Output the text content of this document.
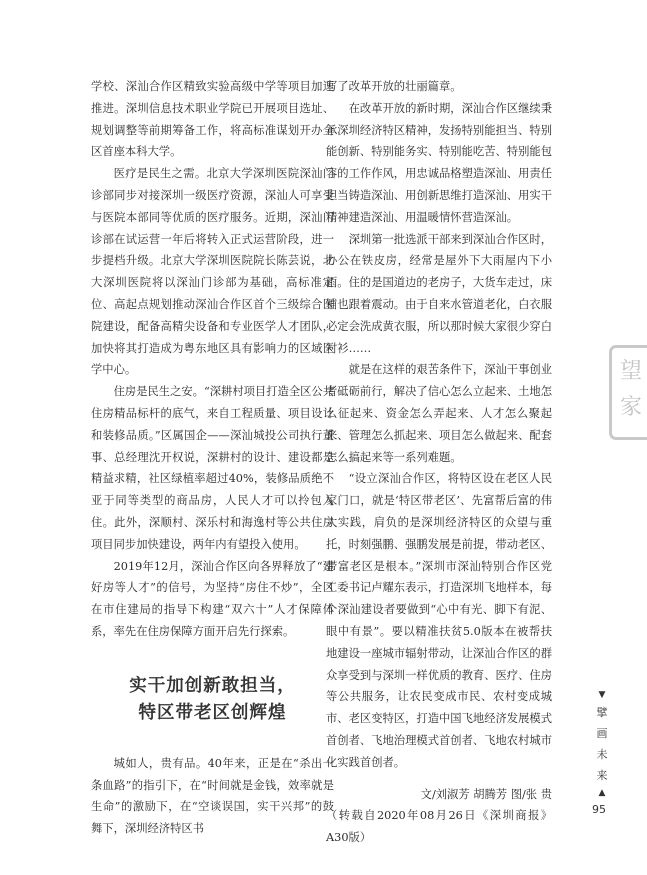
学校、深汕合作区精致实验高级中学等项目加速推进。深圳信息技术职业学院已开展项目选址、规划调整等前期筹备工作，将高标准谋划开办全区首座本科大学。

医疗是民生之需。北京大学深圳医院深汕门诊部同步对接深圳一级医疗资源，深汕人可享受与医院本部同等优质的医疗服务。近期，深汕门诊部在试运营一年后将转入正式运营阶段，进一步提档升级。北京大学深圳医院院长陈芸说，北大深圳医院将以深汕门诊部为基础，高标准定位、高起点规划推动深汕合作区首个三级综合医院建设，配备高精尖设备和专业医学人才团队，加快将其打造成为粤东地区具有影响力的区域医学中心。

住房是民生之安。“深耕村项目打造全区公共住房精品标杆的底气，来自工程质量、项目设计和装修品质。”区属国企——深汕城投公司执行董事、总经理沈开权说，深耕村的设计、建设都是精益求精，社区绿植率超过40%，装修品质绝不亚于同等类型的商品房，人民人才可以拎包入住。此外，深顺村、深乐村和海逸村等公共住房项目同步加快建设，两年内有望投入使用。

2019年12月，深汕合作区向各界释放了“建好房等人才”的信号，为坚持“房住不炒”，全区在市住建局的指导下构建“双六十”人才保障体系，率先在住房保障方面开启先行探索。

实干加创新敢担当，
特区带老区创辉煌

城如人，贵有品。40年来，正是在“杀出一条血路”的指引下，在“时间就是金钱，效率就是生命”的激励下，在“空谈误国，实干兴邦”的鼓舞下，深圳经济特区书

写了改革开放的壮丽篇章。

在改革开放的新时期，深汕合作区继续秉承深圳经济特区精神，发扬特别能担当、特别能创新、特别能务实、特别能吃苦、特别能包容的工作作风，用忠诚品格塑造深汕、用责任担当铸造深汕、用创新思维打造深汕、用实干精神建造深汕、用温暖情怀营造深汕。

深圳第一批选派干部来到深汕合作区时，办公在铁皮房，经常是屋外下大雨屋内下小雨。住的是国道边的老房子，大货车走过，床铺也跟着震动。由于自来水管道老化，白衣服必定会洗成黄衣服，所以那时候大家很少穿白衬衫……

就是在这样的艰苦条件下，深汕干事创业者砥砺前行，解决了信心怎么立起来、土地怎么征起来、资金怎么弄起来、人才怎么聚起来、管理怎么抓起来、项目怎么做起来、配套怎么搞起来等一系列难题。

“设立深汕合作区，将特区设在老区人民家门口，就是‘特区带老区’、先富帮后富的伟大实践，肩负的是深圳经济特区的众望与重托，时刻强鹏、强鹏发展是前提，带动老区、带富老区是根本。”深圳市深汕特别合作区党工委书记卢耀东表示，打造深圳飞地样本，每个深汕建设者要做到“心中有光、脚下有泥、眼中有景”。要以精准扶贫5.0版本在被帮扶地建设一座城市辐射带动，让深汕合作区的群众享受到与深圳一样优质的教育、医疗、住房等公共服务，让农民变成市民、农村变成城市、老区变特区，打造中国飞地经济发展模式首创者、飞地治理模式首创者、飞地农村城市化实践首创者。

文/刘淑芳 胡腾芳 图/张 贵

（转载自2020年08月26日《深圳商报》A30版）

▼
擘
画
未
来
▲
95
望
家
